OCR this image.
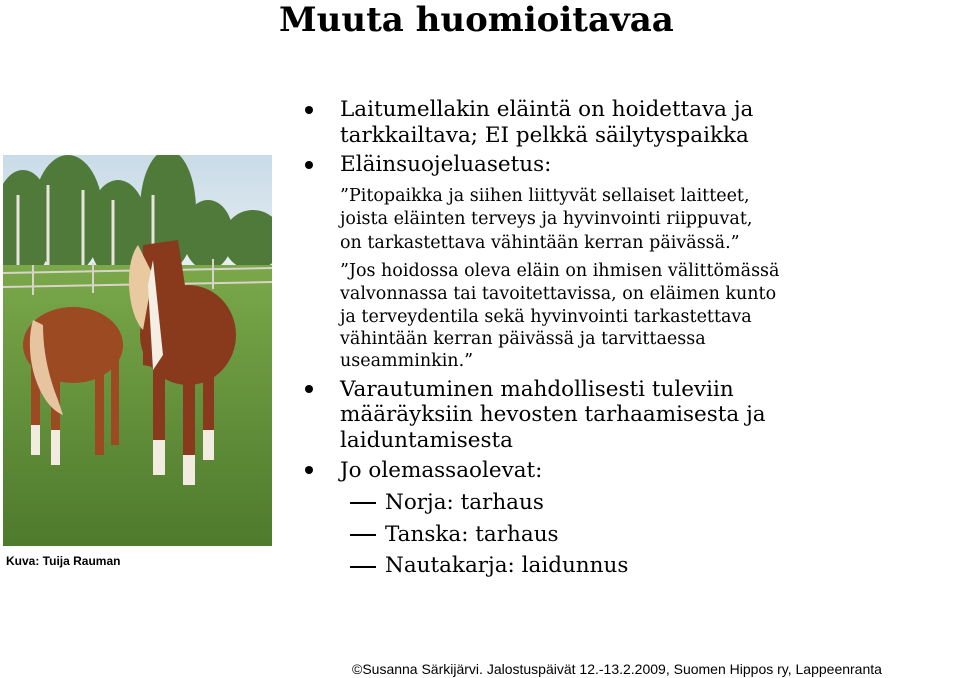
Muuta huomioitavaa
Kuva: Tuija Rauman
Laitumellakin eläintä on hoidettava ja
tarkkailtava; EI pelkkä säilytyspaikka
Eläinsuojeluasetus:
”Pitopaikka ja siihen liittyvät sellaiset laitteet,
joista eläinten terveys ja hyvinvointi riippuvat,
on tarkastettava vähintään kerran päivässä.”
”Jos hoidossa oleva eläin on ihmisen välittömässä
valvonnassa tai tavoitettavissa, on eläimen kunto
ja terveydentila sekä hyvinvointi tarkastettava
vähintään kerran päivässä ja tarvittaessa
useamminkin.”
Varautuminen mahdollisesti tuleviin
määräyksiin hevosten tarhaamisesta ja
laiduntamisesta
Jo olemassaolevat:
Norja: tarhaus
Tanska: tarhaus
Nautakarja: laidunnus
©Susanna Särkijärvi. Jalostuspäivät 12.-13.2.2009, Suomen Hippos ry, Lappeenranta
